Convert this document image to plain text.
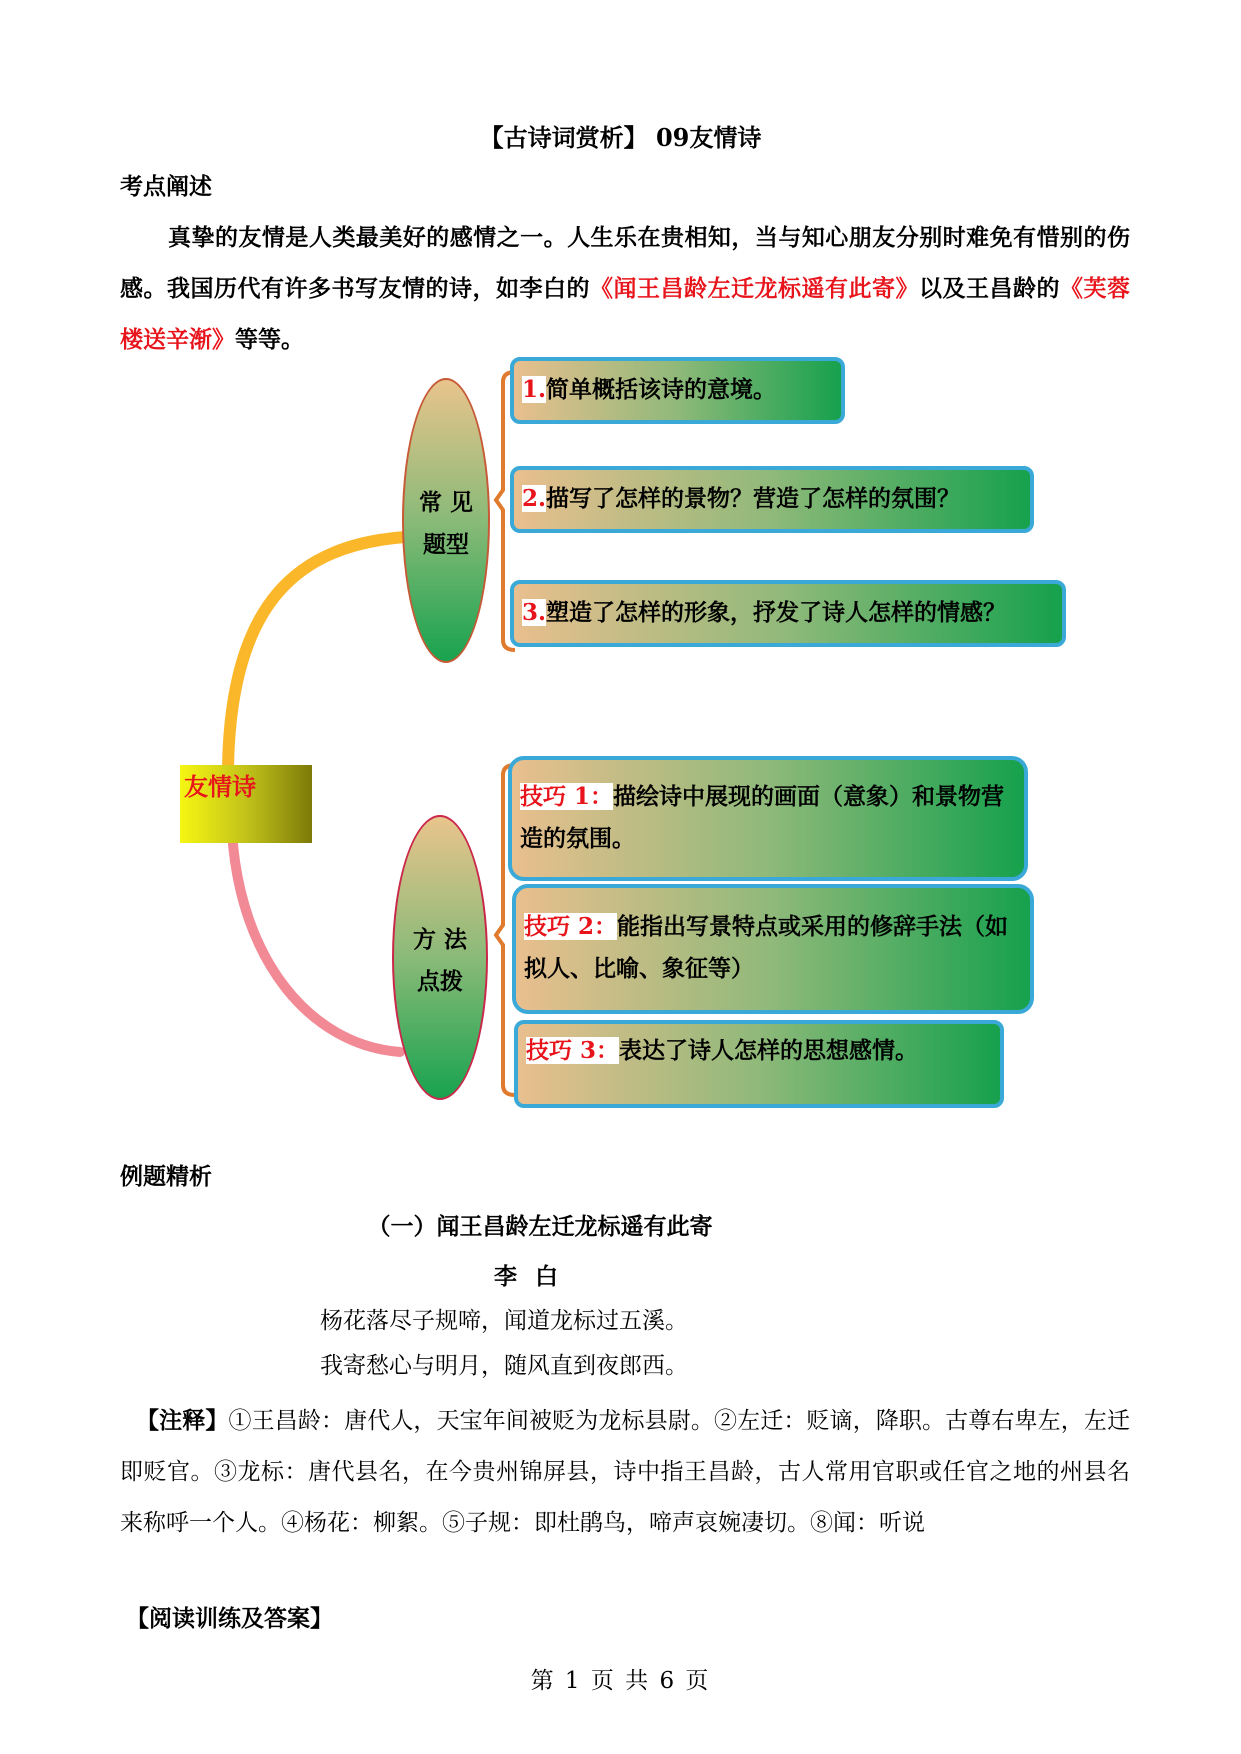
【古诗词赏析】 09友情诗
考点阐述
真挚的友情是人类最美好的感情之一。人生乐在贵相知，当与知心朋友分别时难免有惜别的伤感。我国历代有许多书写友情的诗，如李白的《闻王昌龄左迁龙标遥有此寄》以及王昌龄的《芙蓉楼送辛渐》等等。
常 见
题型
方 法
点拨
友情诗
1.简单概括该诗的意境。
2.描写了怎样的景物？营造了怎样的氛围？
3.塑造了怎样的形象，抒发了诗人怎样的情感？
技巧 1：描绘诗中展现的画面（意象）和景物营造的氛围。
技巧 2：能指出写景特点或采用的修辞手法（如拟人、比喻、象征等）
技巧 3：表达了诗人怎样的思想感情。
例题精析
（一）闻王昌龄左迁龙标遥有此寄
李白
杨花落尽子规啼，闻道龙标过五溪。
我寄愁心与明月，随风直到夜郎西。
【注释】①王昌龄：唐代人，天宝年间被贬为龙标县尉。②左迁：贬谪，降职。古尊右卑左，左迁即贬官。③龙标：唐代县名，在今贵州锦屏县，诗中指王昌龄，古人常用官职或任官之地的州县名来称呼一个人。④杨花：柳絮。⑤子规：即杜鹃鸟，啼声哀婉凄切。⑧闻：听说
【阅读训练及答案】
第 1 页 共 6 页
